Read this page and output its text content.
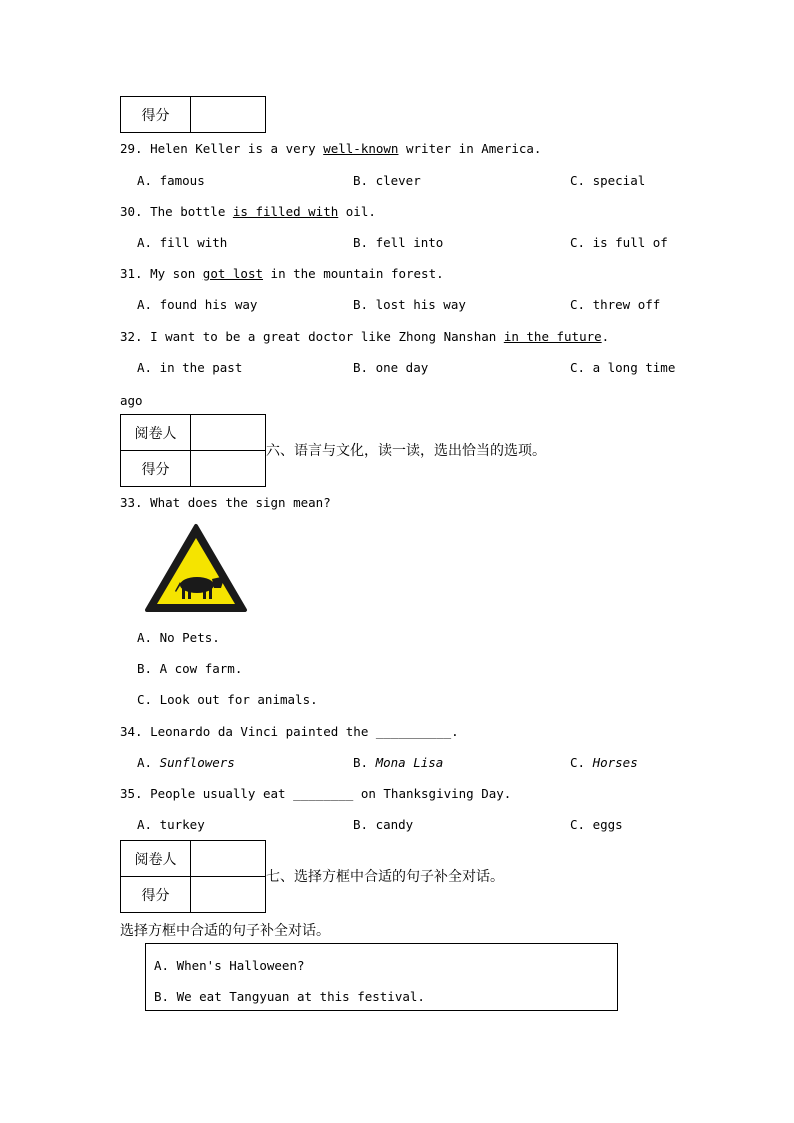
得分	
29. Helen Keller is a very well-known writer in America.
A. famous	B. clever	C. special
30. The bottle is filled with oil.
A. fill with	B. fell into	C. is full of
31. My son got lost in the mountain forest.
A. found his way	B. lost his way	C. threw off
32. I want to be a great doctor like Zhong Nanshan in the future.
A. in the past	B. one day	C. a long time
ago
阅卷人	
得分	
六、语言与文化，读一读，选出恰当的选项。
33. What does the sign mean?
A. No Pets.
B. A cow farm.
C. Look out for animals.
34. Leonardo da Vinci painted the __________.
A. Sunflowers	B. Mona Lisa	C. Horses
35. People usually eat ________ on Thanksgiving Day.
A. turkey	B. candy	C. eggs
阅卷人	
得分	
七、选择方框中合适的句子补全对话。
选择方框中合适的句子补全对话。
A. When's Halloween?
B. We eat Tangyuan at this festival.
